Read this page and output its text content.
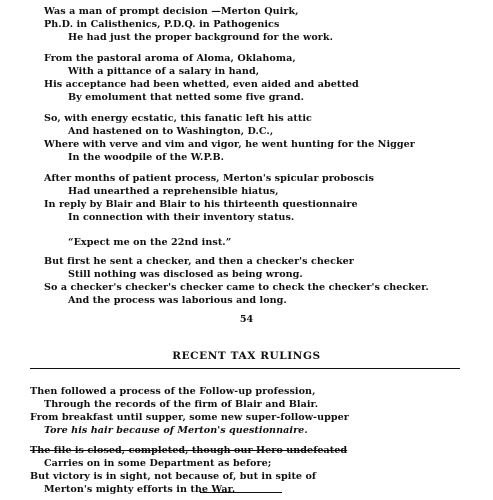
Was a man of prompt decision —Merton Quirk,
Ph.D. in Calisthenics, P.D.Q. in Pathogenics
He had just the proper background for the work.
From the pastoral aroma of Aloma, Oklahoma,
With a pittance of a salary in hand,
His acceptance had been whetted, even aided and abetted
By emolument that netted some five grand.
So, with energy ecstatic, this fanatic left his attic
And hastened on to Washington, D.C.,
Where with verve and vim and vigor, he went hunting for the Nigger
In the woodpile of the W.P.B.
After months of patient process, Merton's spicular proboscis
Had unearthed a reprehensible hiatus,
In reply by Blair and Blair to his thirteenth questionnaire
In connection with their inventory status.
“Expect me on the 22nd inst.”
But first he sent a checker, and then a checker's checker
Still nothing was disclosed as being wrong.
So a checker's checker's checker came to check the checker's checker.
And the process was laborious and long.
54
RECENT TAX RULINGS
Then followed a process of the Follow-up profession,
Through the records of the firm of Blair and Blair.
From breakfast until supper, some new super-follow-upper
Tore his hair because of Merton's questionnaire.
The file is closed, completed, though our Hero undefeated
Carries on in some Department as before;
But victory is in sight, not because of, but in spite of
Merton's mighty efforts in the War.
